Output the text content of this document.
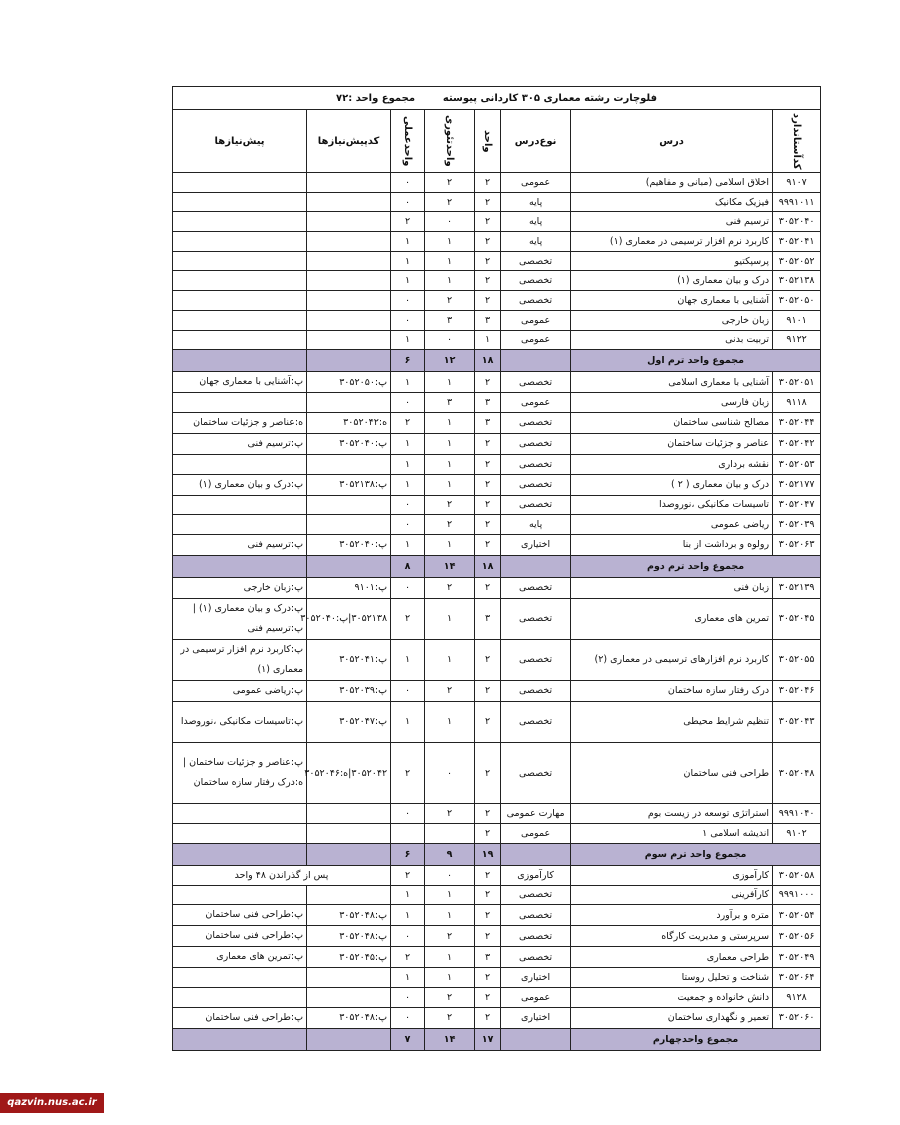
فلوچارت رشته معماری ۳۰۵ کاردانی پیوسته        مجموع واحد :۷۲							
کدآستاندارد	درس	نوع‌درس	واحد	واحدتئوری	واحدعملی	کدپیش‌نیازها	پیش‌نیازها
۹۱۰۷	اخلاق اسلامی (مبانی و مفاهیم)	عمومی	۲	۲	۰		
۹۹۹۱۰۱۱	فیزیک مکانیک	پایه	۲	۲	۰		
۳۰۵۲۰۴۰	ترسیم فنی	پایه	۲	۰	۲		
۳۰۵۲۰۴۱	کاربرد نرم افزار ترسیمی در معماری (۱)	پایه	۲	۱	۱		
۳۰۵۲۰۵۲	پرسپکتیو	تخصصی	۲	۱	۱		
۳۰۵۲۱۳۸	درک و بیان معماری (۱)	تخصصی	۲	۱	۱		
۳۰۵۲۰۵۰	آشنایی با معماری جهان	تخصصی	۲	۲	۰		
۹۱۰۱	زبان خارجی	عمومی	۳	۳	۰		
۹۱۲۲	تربیت بدنی	عمومی	۱	۰	۱		
مجموع واحد ترم اول			۱۸	۱۲	۶		
۳۰۵۲۰۵۱	آشنایی با معماری اسلامی	تخصصی	۲	۱	۱	پ:۳۰۵۲۰۵۰	پ:آشنایی با معماری جهان
۹۱۱۸	زبان فارسی	عمومی	۳	۳	۰		
۳۰۵۲۰۴۴	مصالح شناسی ساختمان	تخصصی	۳	۱	۲	ه:۳۰۵۲۰۴۲	ه:عناصر و جزئیات ساختمان
۳۰۵۲۰۴۲	عناصر و جزئیات ساختمان	تخصصی	۲	۱	۱	پ:۳۰۵۲۰۴۰	پ:ترسیم فنی
۳۰۵۲۰۵۳	نقشه برداری	تخصصی	۲	۱	۱		
۳۰۵۲۱۷۷	درک و بیان معماری ( ۲ )	تخصصی	۲	۱	۱	پ:۳۰۵۲۱۳۸	پ:درک و بیان معماری (۱)
۳۰۵۲۰۴۷	تاسیسات مکانیکی ،نوروصدا	تخصصی	۲	۲	۰		
۳۰۵۲۰۳۹	ریاضی عمومی	پایه	۲	۲	۰		
۳۰۵۲۰۶۳	رولوه و برداشت از بنا	اختیاری	۲	۱	۱	پ:۳۰۵۲۰۴۰	پ:ترسیم فنی
مجموع واحد ترم دوم			۱۸	۱۴	۸		
۳۰۵۲۱۳۹	زبان فنی	تخصصی	۲	۲	۰	پ:۹۱۰۱	پ:زبان خارجی
۳۰۵۲۰۴۵	تمرین های معماری	تخصصی	۳	۱	۲	۳۰۵۲۱۳۸|پ:۳۰۵۲۰۴۰	پ:درک و بیان معماری (۱) | پ:ترسیم فنی
۳۰۵۲۰۵۵	کاربرد نرم افزارهای ترسیمی در معماری (۲)	تخصصی	۲	۱	۱	پ:۳۰۵۲۰۴۱	پ:کاربرد نرم افزار ترسیمی در معماری (۱)
۳۰۵۲۰۴۶	درک رفتار سازه ساختمان	تخصصی	۲	۲	۰	پ:۳۰۵۲۰۳۹	پ:ریاضی عمومی
۳۰۵۲۰۴۳	تنظیم شرایط محیطی	تخصصی	۲	۱	۱	پ:۳۰۵۲۰۴۷	پ:تاسیسات مکانیکی ،نوروصدا
۳۰۵۲۰۴۸	طراحی فنی ساختمان	تخصصی	۲	۰	۲	۳۰۵۲۰۴۲|ه:۳۰۵۲۰۴۶	پ:عناصر و جزئیات ساختمان | ه:درک رفتار سازه ساختمان
۹۹۹۱۰۴۰	استراتژی توسعه در زیست بوم	مهارت عمومی	۲	۲	۰		
۹۱۰۲	اندیشه اسلامی ۱	عمومی	۲				
مجموع واحد ترم سوم			۱۹	۹	۶		
۳۰۵۲۰۵۸	کارآموزی	کارآموزی	۲	۰	۲	پس از گذراندن ۴۸ واحد	
۹۹۹۱۰۰۰	کارآفرینی	تخصصی	۲	۱	۱		
۳۰۵۲۰۵۴	متره و برآورد	تخصصی	۲	۱	۱	پ:۳۰۵۲۰۴۸	پ:طراحی فنی ساختمان
۳۰۵۲۰۵۶	سرپرستی و مدیریت کارگاه	تخصصی	۲	۲	۰	پ:۳۰۵۲۰۴۸	پ:طراحی فنی ساختمان
۳۰۵۲۰۴۹	طراحی معماری	تخصصی	۳	۱	۲	پ:۳۰۵۲۰۴۵	پ:تمرین های معماری
۳۰۵۲۰۶۴	شناخت و تحلیل روستا	اختیاری	۲	۱	۱		
۹۱۲۸	دانش خانواده و جمعیت	عمومی	۲	۲	۰		
۳۰۵۲۰۶۰	تعمیر و نگهداری ساختمان	اختیاری	۲	۲	۰	پ:۳۰۵۲۰۴۸	پ:طراحی فنی ساختمان
مجموع واحدچهارم			۱۷	۱۴	۷		
qazvin.nus.ac.ir
